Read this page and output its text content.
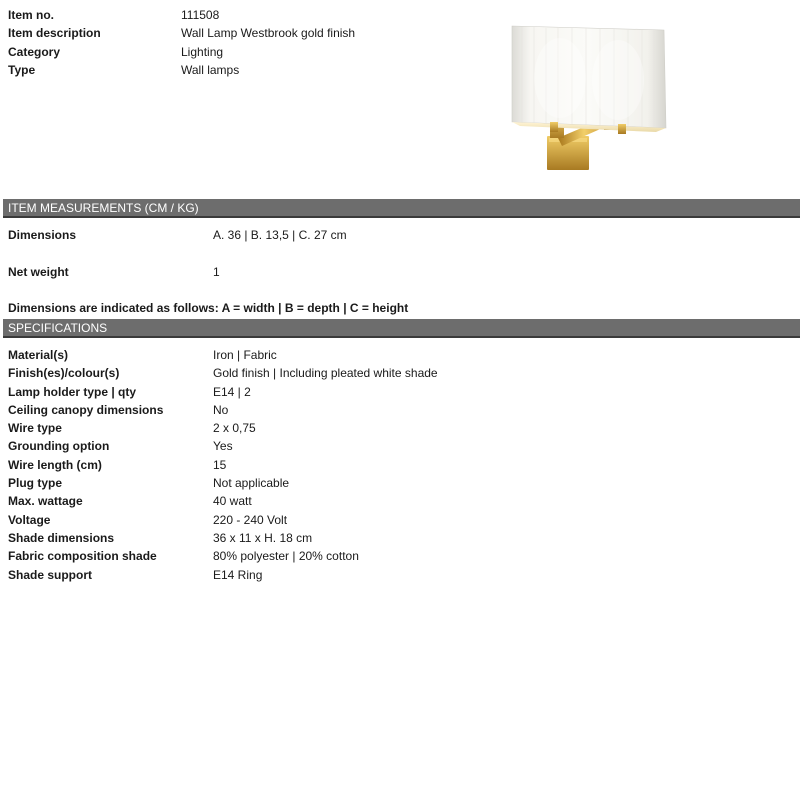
Item no.	111508
Item description	Wall Lamp Westbrook gold finish
Category	Lighting
Type	Wall lamps
ITEM MEASUREMENTS (CM / KG)
Dimensions	A. 36 | B. 13,5 | C. 27 cm
Net weight	1
Dimensions are indicated as follows: A = width | B = depth | C = height
SPECIFICATIONS
Material(s)	Iron | Fabric
Finish(es)/colour(s)	Gold finish | Including pleated white shade
Lamp holder type | qty	E14 | 2
Ceiling canopy dimensions	No
Wire type	2 x 0,75
Grounding option	Yes
Wire length (cm)	15
Plug type	Not applicable
Max. wattage	40 watt
Voltage	220 - 240 Volt
Shade dimensions	36 x 11 x H. 18 cm
Fabric composition shade	80% polyester | 20% cotton
Shade support	E14 Ring
